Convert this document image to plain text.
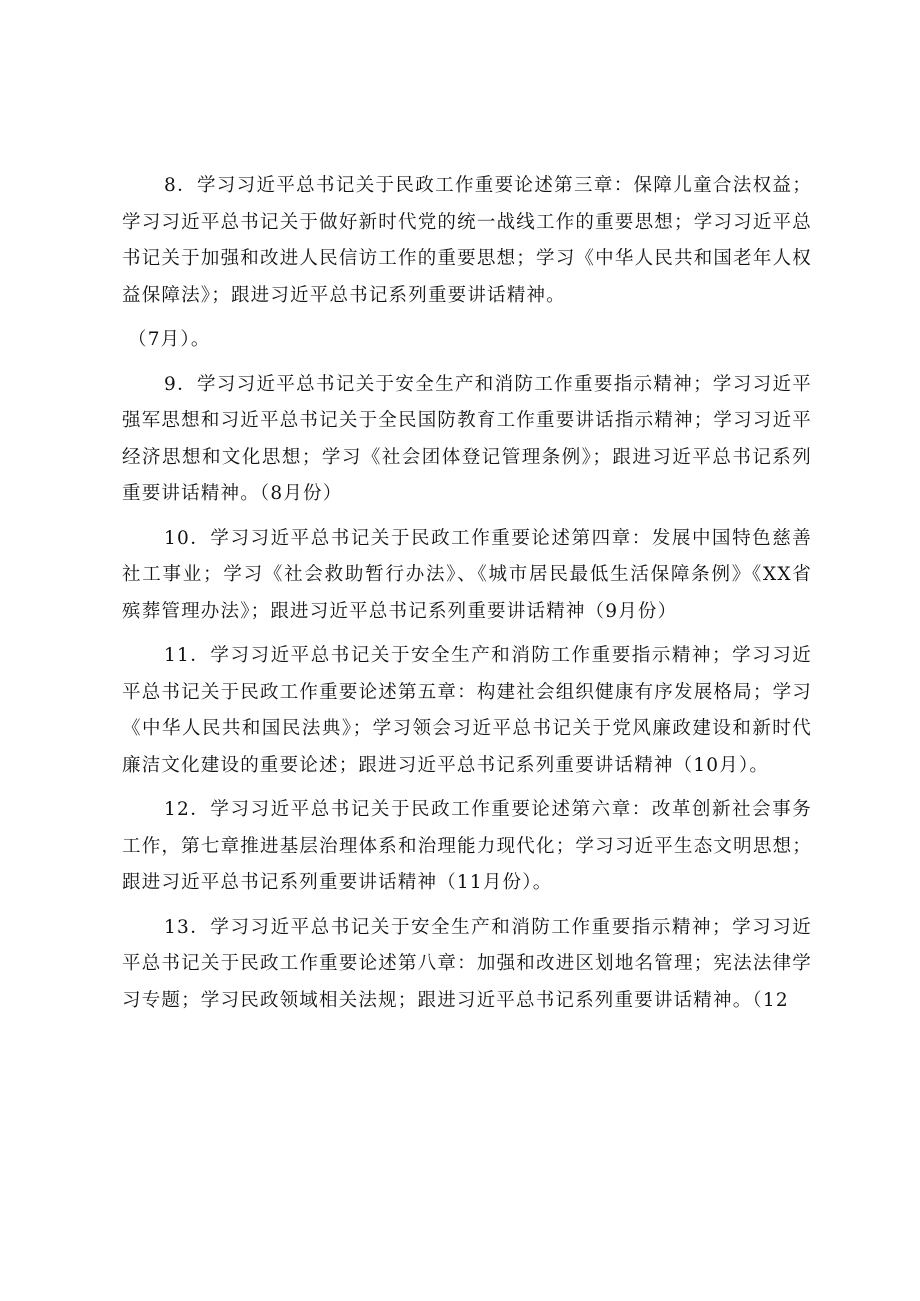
8．学习习近平总书记关于民政工作重要论述第三章：保障儿童合法权益；学习习近平总书记关于做好新时代党的统一战线工作的重要思想；学习习近平总书记关于加强和改进人民信访工作的重要思想；学习《中华人民共和国老年人权益保障法》；跟进习近平总书记系列重要讲话精神。

（7月）。

9．学习习近平总书记关于安全生产和消防工作重要指示精神；学习习近平强军思想和习近平总书记关于全民国防教育工作重要讲话指示精神；学习习近平经济思想和文化思想；学习《社会团体登记管理条例》；跟进习近平总书记系列重要讲话精神。（8月份）

10．学习习近平总书记关于民政工作重要论述第四章：发展中国特色慈善社工事业；学习《社会救助暂行办法》、《城市居民最低生活保障条例》《XX省殡葬管理办法》；跟进习近平总书记系列重要讲话精神（9月份）

11．学习习近平总书记关于安全生产和消防工作重要指示精神；学习习近平总书记关于民政工作重要论述第五章：构建社会组织健康有序发展格局；学习《中华人民共和国民法典》；学习领会习近平总书记关于党风廉政建设和新时代廉洁文化建设的重要论述；跟进习近平总书记系列重要讲话精神（10月）。

12．学习习近平总书记关于民政工作重要论述第六章：改革创新社会事务工作，第七章推进基层治理体系和治理能力现代化；学习习近平生态文明思想；跟进习近平总书记系列重要讲话精神（11月份）。

13．学习习近平总书记关于安全生产和消防工作重要指示精神；学习习近平总书记关于民政工作重要论述第八章：加强和改进区划地名管理；宪法法律学习专题；学习民政领域相关法规；跟进习近平总书记系列重要讲话精神。（12
